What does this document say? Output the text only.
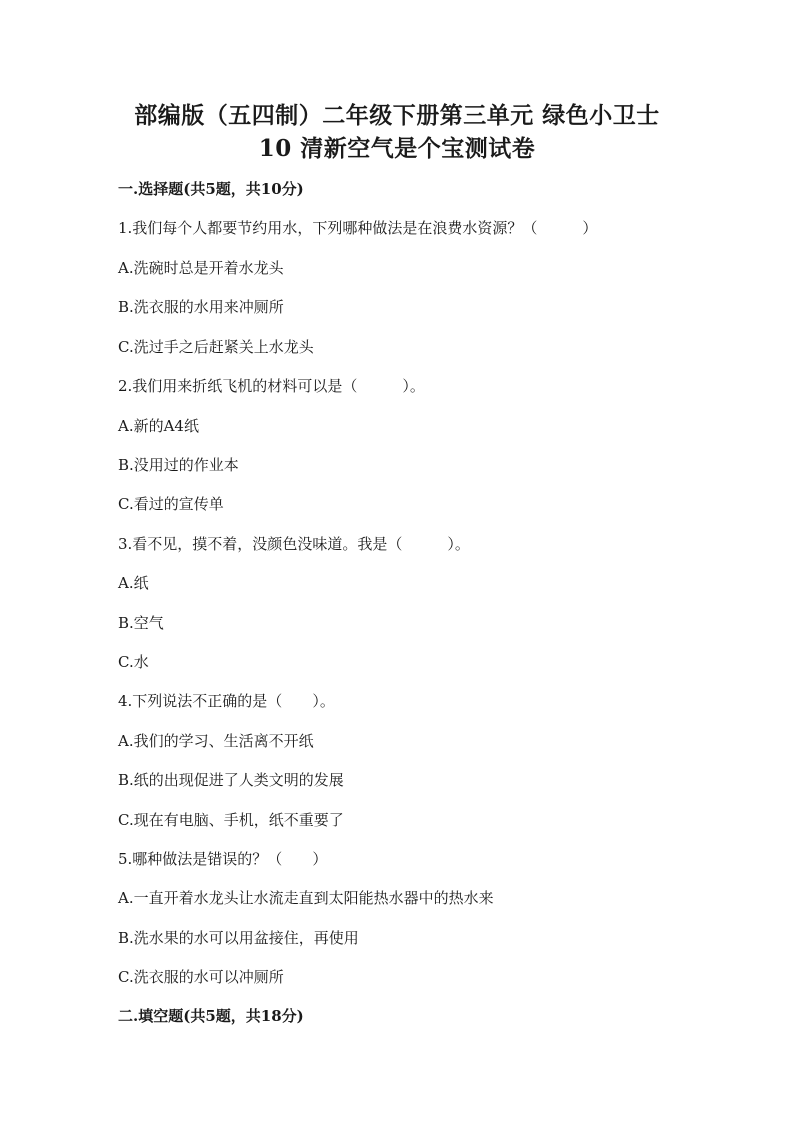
部编版（五四制）二年级下册第三单元 绿色小卫士
10 清新空气是个宝测试卷
一.选择题(共5题，共10分)
1.我们每个人都要节约用水，下列哪种做法是在浪费水资源？（　　　）
A.洗碗时总是开着水龙头
B.洗衣服的水用来冲厕所
C.洗过手之后赶紧关上水龙头
2.我们用来折纸飞机的材料可以是（　　　）。
A.新的A4纸
B.没用过的作业本
C.看过的宣传单
3.看不见，摸不着，没颜色没味道。我是（　　　）。
A.纸
B.空气
C.水
4.下列说法不正确的是（　　）。
A.我们的学习、生活离不开纸
B.纸的出现促进了人类文明的发展
C.现在有电脑、手机，纸不重要了
5.哪种做法是错误的？（　　）
A.一直开着水龙头让水流走直到太阳能热水器中的热水来
B.洗水果的水可以用盆接住，再使用
C.洗衣服的水可以冲厕所
二.填空题(共5题，共18分)
